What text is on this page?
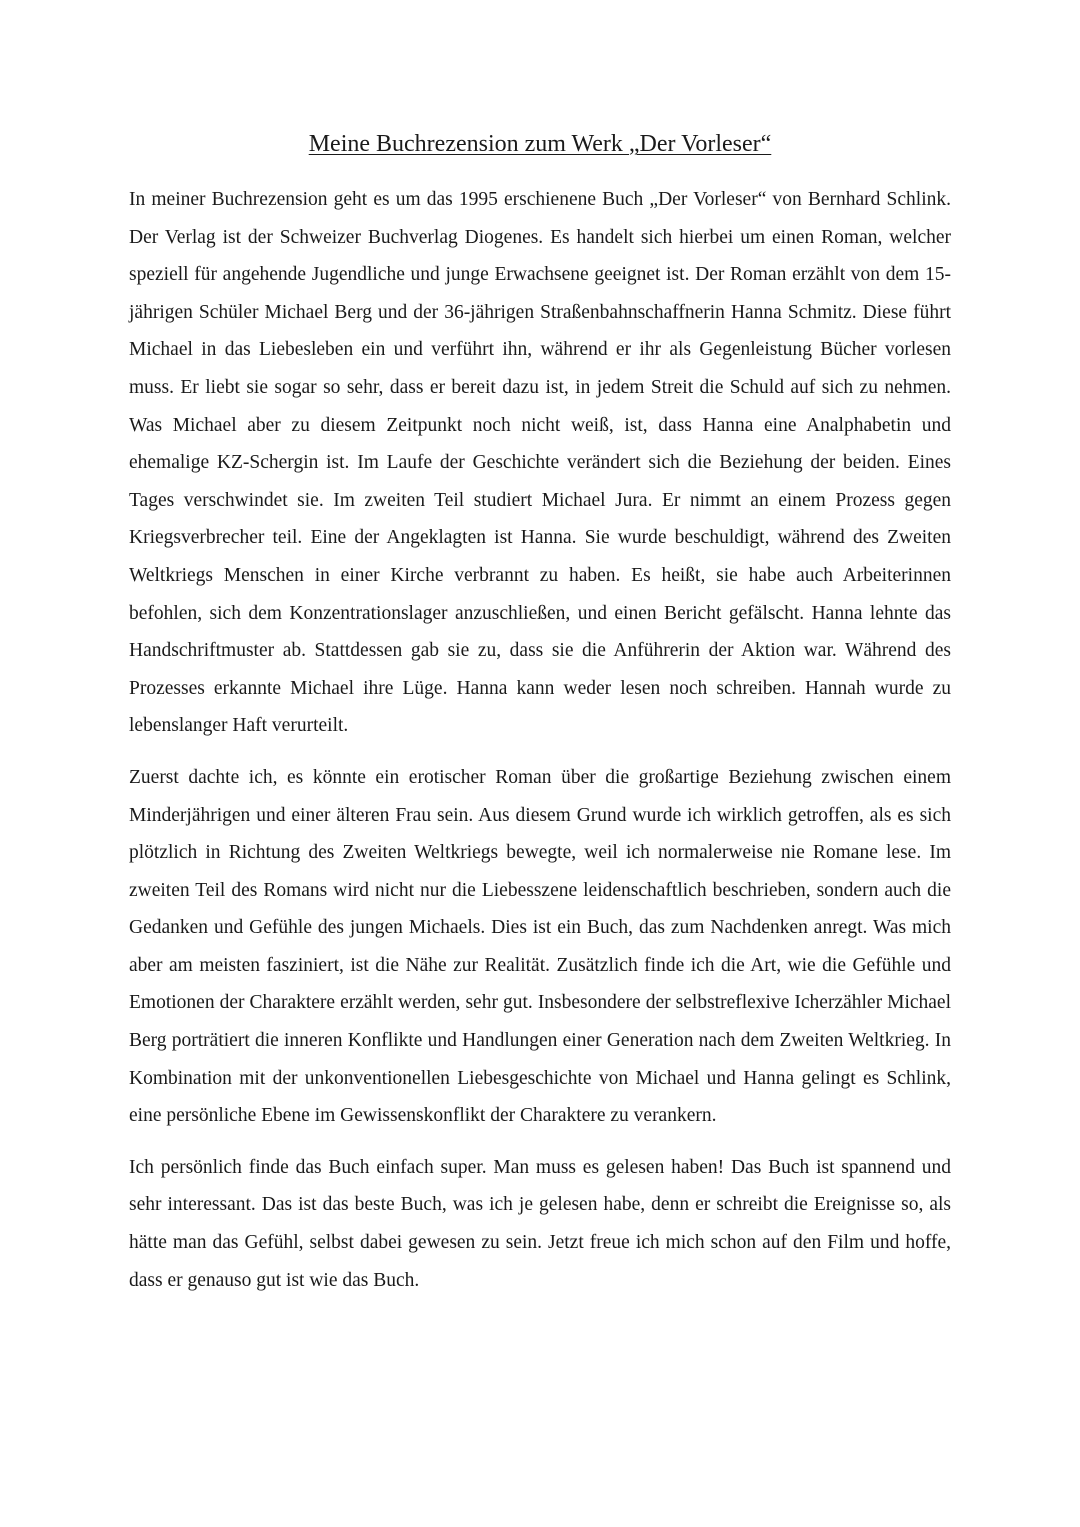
Meine Buchrezension zum Werk „Der Vorleser“

In meiner Buchrezension geht es um das 1995 erschienene Buch „Der Vorleser“ von Bernhard Schlink. Der Verlag ist der Schweizer Buchverlag Diogenes. Es handelt sich hierbei um einen Roman, welcher speziell für angehende Jugendliche und junge Erwachsene geeignet ist. Der Roman erzählt von dem 15-jährigen Schüler Michael Berg und der 36-jährigen Straßenbahnschaffnerin Hanna Schmitz. Diese führt Michael in das Liebesleben ein und verführt ihn, während er ihr als Gegenleistung Bücher vorlesen muss. Er liebt sie sogar so sehr, dass er bereit dazu ist, in jedem Streit die Schuld auf sich zu nehmen. Was Michael aber zu diesem Zeitpunkt noch nicht weiß, ist, dass Hanna eine Analphabetin und ehemalige KZ-Schergin ist. Im Laufe der Geschichte verändert sich die Beziehung der beiden. Eines Tages verschwindet sie. Im zweiten Teil studiert Michael Jura. Er nimmt an einem Prozess gegen Kriegsverbrecher teil. Eine der Angeklagten ist Hanna. Sie wurde beschuldigt, während des Zweiten Weltkriegs Menschen in einer Kirche verbrannt zu haben. Es heißt, sie habe auch Arbeiterinnen befohlen, sich dem Konzentrationslager anzuschließen, und einen Bericht gefälscht. Hanna lehnte das Handschriftmuster ab. Stattdessen gab sie zu, dass sie die Anführerin der Aktion war. Während des Prozesses erkannte Michael ihre Lüge. Hanna kann weder lesen noch schreiben. Hannah wurde zu lebenslanger Haft verurteilt.

Zuerst dachte ich, es könnte ein erotischer Roman über die großartige Beziehung zwischen einem Minderjährigen und einer älteren Frau sein. Aus diesem Grund wurde ich wirklich getroffen, als es sich plötzlich in Richtung des Zweiten Weltkriegs bewegte, weil ich normalerweise nie Romane lese. Im zweiten Teil des Romans wird nicht nur die Liebesszene leidenschaftlich beschrieben, sondern auch die Gedanken und Gefühle des jungen Michaels. Dies ist ein Buch, das zum Nachdenken anregt. Was mich aber am meisten fasziniert, ist die Nähe zur Realität. Zusätzlich finde ich die Art, wie die Gefühle und Emotionen der Charaktere erzählt werden, sehr gut. Insbesondere der selbstreflexive Icherzähler Michael Berg porträtiert die inneren Konflikte und Handlungen einer Generation nach dem Zweiten Weltkrieg. In Kombination mit der unkonventionellen Liebesgeschichte von Michael und Hanna gelingt es Schlink, eine persönliche Ebene im Gewissenskonflikt der Charaktere zu verankern.

Ich persönlich finde das Buch einfach super. Man muss es gelesen haben! Das Buch ist spannend und sehr interessant. Das ist das beste Buch, was ich je gelesen habe, denn er schreibt die Ereignisse so, als hätte man das Gefühl, selbst dabei gewesen zu sein. Jetzt freue ich mich schon auf den Film und hoffe, dass er genauso gut ist wie das Buch.
